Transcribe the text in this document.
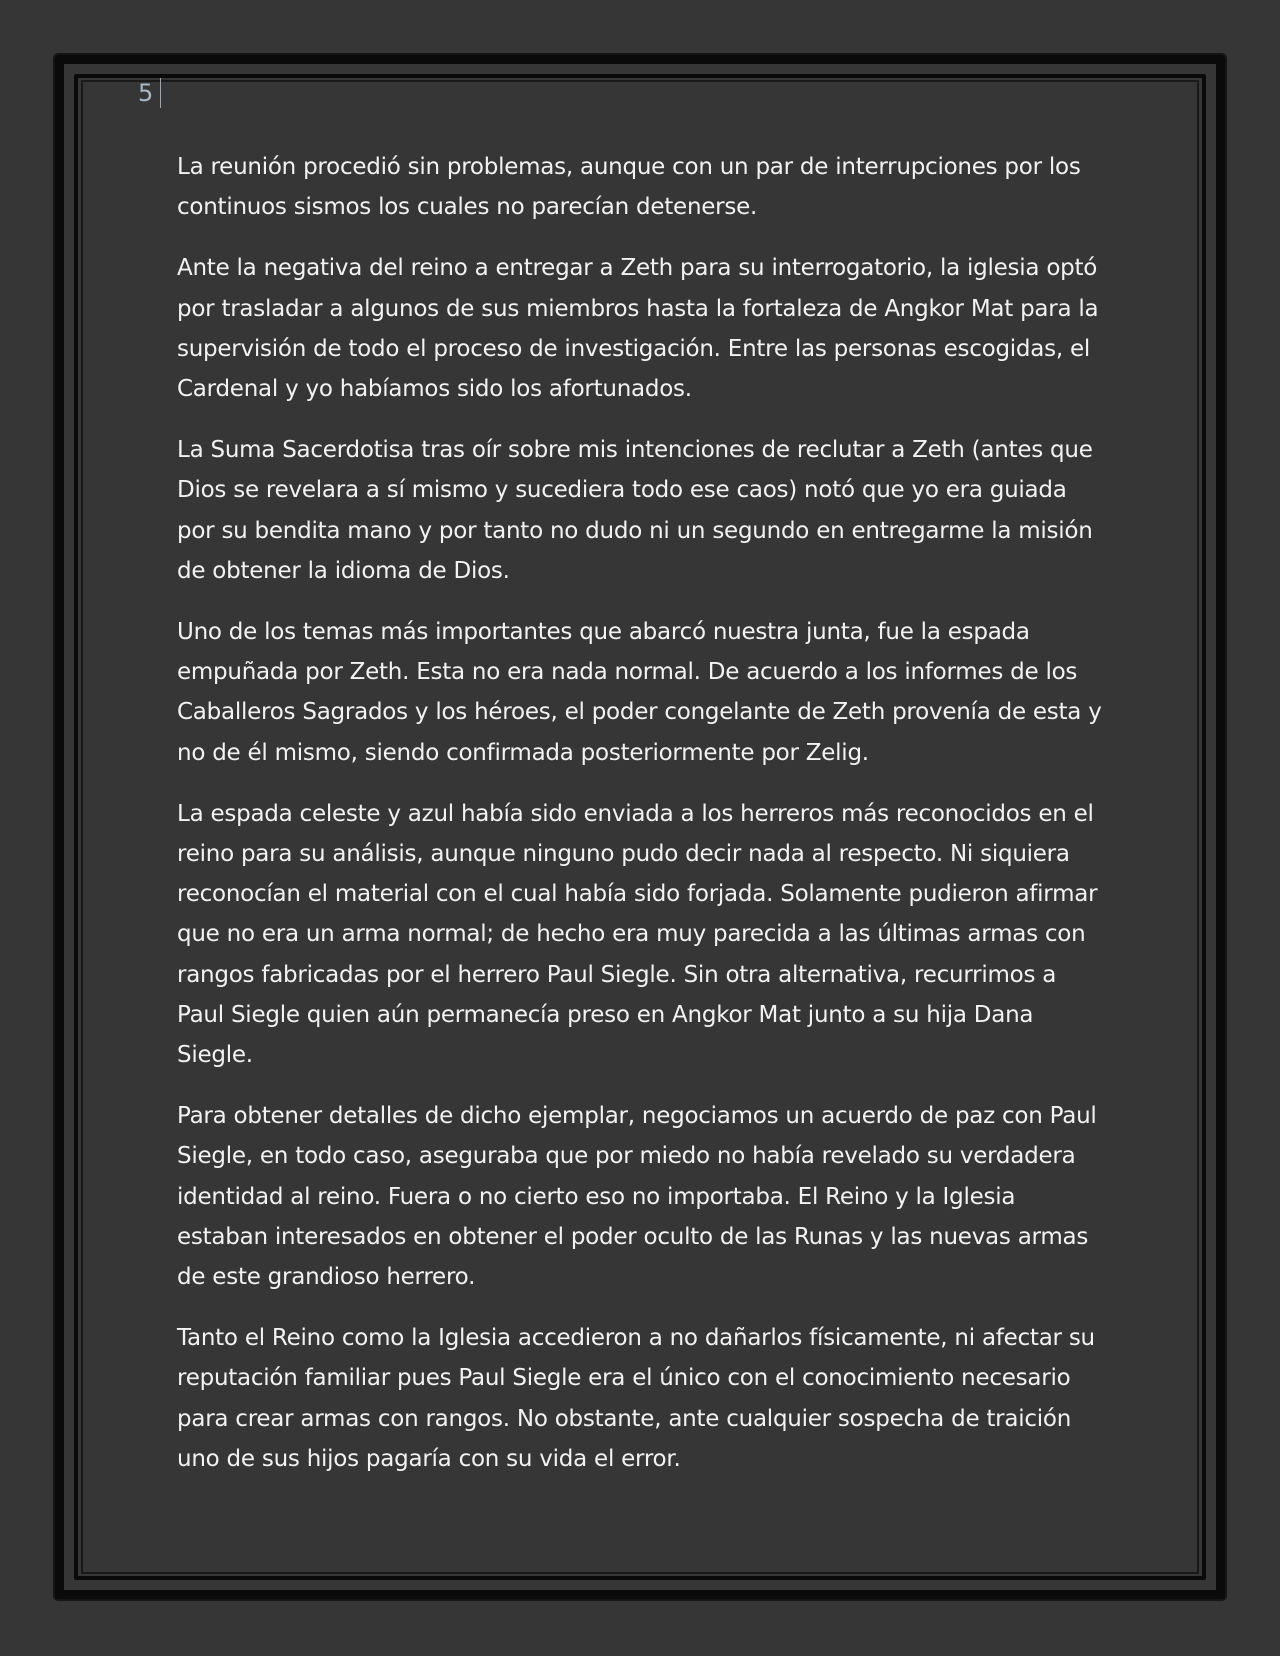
5

La reunión procedió sin problemas, aunque con un par de interrupciones por los continuos sismos los cuales no parecían detenerse.

Ante la negativa del reino a entregar a Zeth para su interrogatorio, la iglesia optó por trasladar a algunos de sus miembros hasta la fortaleza de Angkor Mat para la supervisión de todo el proceso de investigación. Entre las personas escogidas, el Cardenal y yo habíamos sido los afortunados.

La Suma Sacerdotisa tras oír sobre mis intenciones de reclutar a Zeth (antes que Dios se revelara a sí mismo y sucediera todo ese caos) notó que yo era guiada por su bendita mano y por tanto no dudo ni un segundo en entregarme la misión de obtener la idioma de Dios.

Uno de los temas más importantes que abarcó nuestra junta, fue la espada empuñada por Zeth. Esta no era nada normal. De acuerdo a los informes de los Caballeros Sagrados y los héroes, el poder congelante de Zeth provenía de esta y no de él mismo, siendo confirmada posteriormente por Zelig.

La espada celeste y azul había sido enviada a los herreros más reconocidos en el reino para su análisis, aunque ninguno pudo decir nada al respecto. Ni siquiera reconocían el material con el cual había sido forjada. Solamente pudieron afirmar que no era un arma normal; de hecho era muy parecida a las últimas armas con rangos fabricadas por el herrero Paul Siegle. Sin otra alternativa, recurrimos a Paul Siegle quien aún permanecía preso en Angkor Mat junto a su hija Dana Siegle.

Para obtener detalles de dicho ejemplar, negociamos un acuerdo de paz con Paul Siegle, en todo caso, aseguraba que por miedo no había revelado su verdadera identidad al reino. Fuera o no cierto eso no importaba. El Reino y la Iglesia estaban interesados en obtener el poder oculto de las Runas y las nuevas armas de este grandioso herrero.

Tanto el Reino como la Iglesia accedieron a no dañarlos físicamente, ni afectar su reputación familiar pues Paul Siegle era el único con el conocimiento necesario para crear armas con rangos. No obstante, ante cualquier sospecha de traición uno de sus hijos pagaría con su vida el error.
